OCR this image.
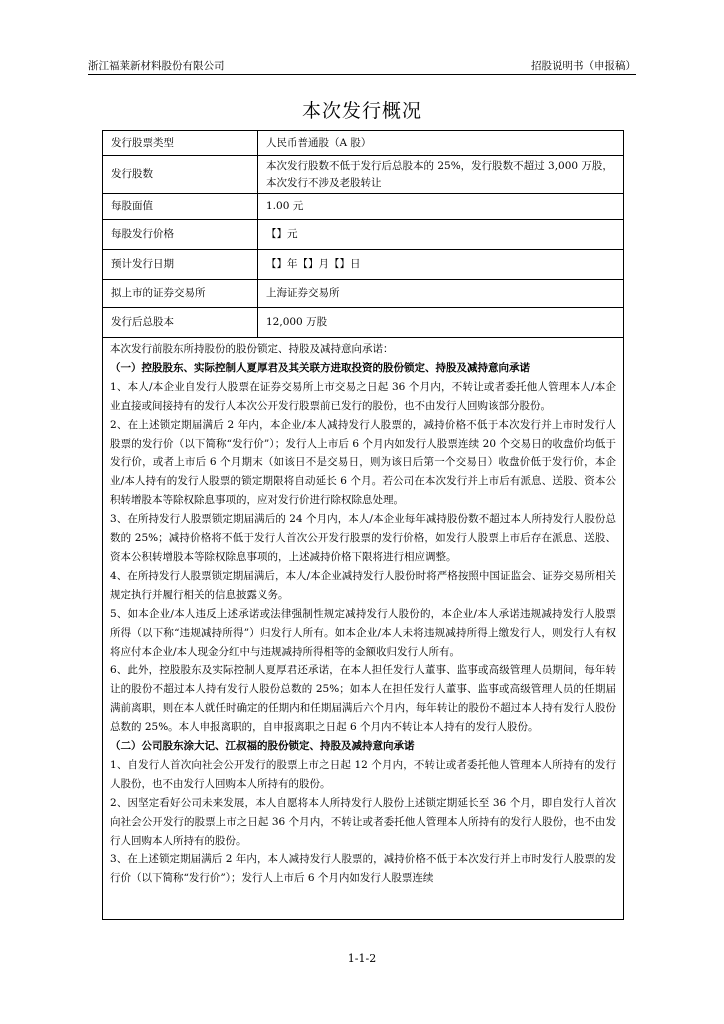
浙江福莱新材料股份有限公司	招股说明书（申报稿）
本次发行概况
发行股票类型	人民币普通股（A 股）
发行股数	本次发行股数不低于发行后总股本的 25%，发行股数不超过 3,000 万股，本次发行不涉及老股转让
每股面值	1.00 元
每股发行价格	【】元
预计发行日期	【】年【】月【】日
拟上市的证券交易所	上海证券交易所
发行后总股本	12,000 万股

本次发行前股东所持股份的股份锁定、持股及减持意向承诺：

（一）控股股东、实际控制人夏厚君及其关联方进取投资的股份锁定、持股及减持意向承诺

1、本人/本企业自发行人股票在证券交易所上市交易之日起 36 个月内，不转让或者委托他人管理本人/本企业直接或间接持有的发行人本次公开发行股票前已发行的股份，也不由发行人回购该部分股份。

2、在上述锁定期届满后 2 年内，本企业/本人减持发行人股票的，减持价格不低于本次发行并上市时发行人股票的发行价（以下简称“发行价”）；发行人上市后 6 个月内如发行人股票连续 20 个交易日的收盘价均低于发行价，或者上市后 6 个月期末（如该日不是交易日，则为该日后第一个交易日）收盘价低于发行价，本企业/本人持有的发行人股票的锁定期限将自动延长 6 个月。若公司在本次发行并上市后有派息、送股、资本公积转增股本等除权除息事项的，应对发行价进行除权除息处理。

3、在所持发行人股票锁定期届满后的 24 个月内，本人/本企业每年减持股份数不超过本人所持发行人股份总数的 25%；减持价格将不低于发行人首次公开发行股票的发行价格，如发行人股票上市后存在派息、送股、资本公积转增股本等除权除息事项的，上述减持价格下限将进行相应调整。

4、在所持发行人股票锁定期届满后，本人/本企业减持发行人股份时将严格按照中国证监会、证券交易所相关规定执行并履行相关的信息披露义务。

5、如本企业/本人违反上述承诺或法律强制性规定减持发行人股份的，本企业/本人承诺违规减持发行人股票所得（以下称“违规减持所得”）归发行人所有。如本企业/本人未将违规减持所得上缴发行人，则发行人有权将应付本企业/本人现金分红中与违规减持所得相等的金额收归发行人所有。

6、此外，控股股东及实际控制人夏厚君还承诺，在本人担任发行人董事、监事或高级管理人员期间，每年转让的股份不超过本人持有发行人股份总数的 25%；如本人在担任发行人董事、监事或高级管理人员的任期届满前离职，则在本人就任时确定的任期内和任期届满后六个月内，每年转让的股份不超过本人持有发行人股份总数的 25%。本人申报离职的，自申报离职之日起 6 个月内不转让本人持有的发行人股份。

（二）公司股东涂大记、江叔福的股份锁定、持股及减持意向承诺

1、自发行人首次向社会公开发行的股票上市之日起 12 个月内，不转让或者委托他人管理本人所持有的发行人股份，也不由发行人回购本人所持有的股份。

2、因坚定看好公司未来发展，本人自愿将本人所持发行人股份上述锁定期延长至 36 个月，即自发行人首次向社会公开发行的股票上市之日起 36 个月内，不转让或者委托他人管理本人所持有的发行人股份，也不由发行人回购本人所持有的股份。

3、在上述锁定期届满后 2 年内，本人减持发行人股票的，减持价格不低于本次发行并上市时发行人股票的发行价（以下简称“发行价”）；发行人上市后 6 个月内如发行人股票连续

1-1-2
